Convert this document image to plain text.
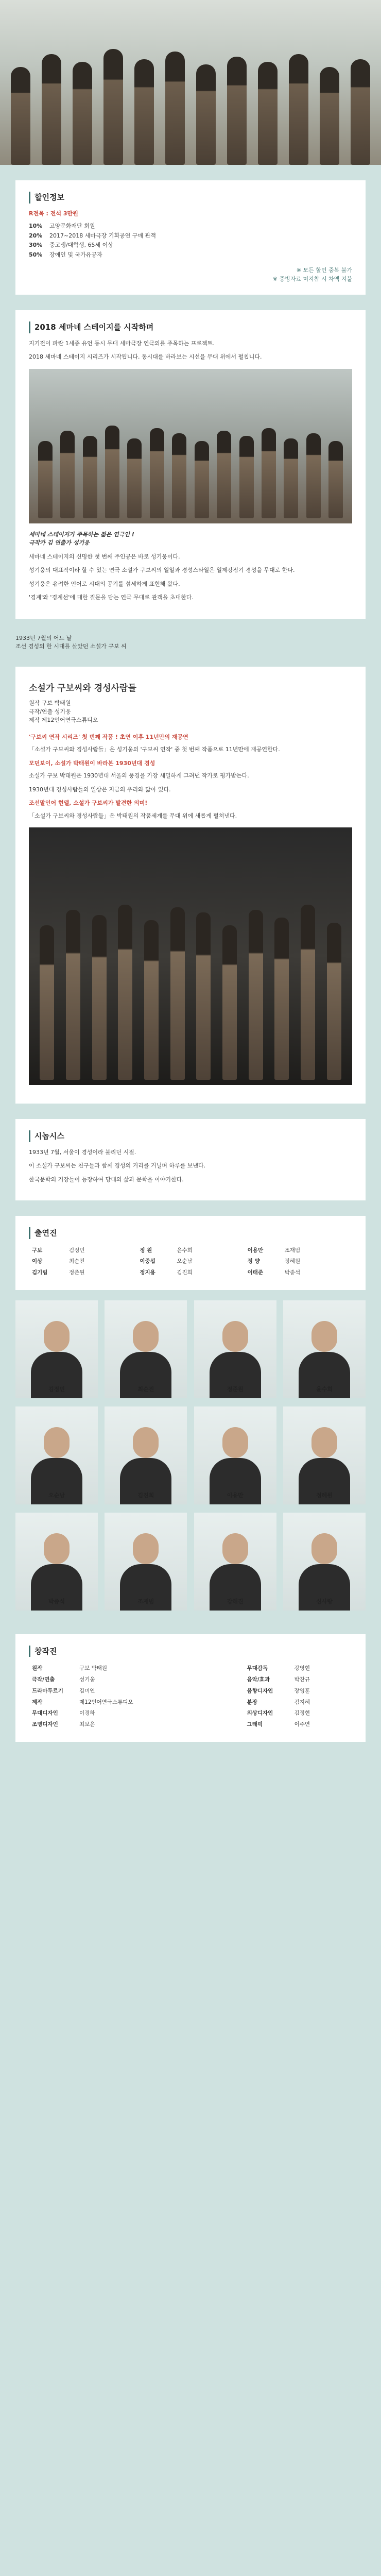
할인정보
R전목 : 전석 3만원
10%	고양문화재단 회원
20%	2017~2018 세마극장 기획공연 구매 관객
30%	중고생/대학생, 65세 이상
50%	장애인 및 국가유공자
※ 모든 할인 중복 불가
※ 증빙자료 미지참 시 차액 지불
2018 세마네 스테이지를 시작하며

지기전이 파란 1세종 유언 동시 무대 세마극장 연극의를 주목하는 프로젝트.

2018 세마네 스테이지 시리즈가 시작됩니다. 동시대를 바라보는 시선을 무대 위에서 펼칩니다.

세마네 스테이지가 주목하는 젊은 연극인 !
극작가 김 연출가 성기웅

세마네 스테이지의 신명한 첫 번째 주인공은 바로 성기웅이다.

성기웅의 대표작이라 할 수 있는 연극 소설가 구보씨의 일일과 경성스타일은 일제강점기 경성을 무대로 한다.

성기웅은 유려한 언어로 시대의 공기를 섬세하게 표현해 왔다.

'경계'와 '경계선'에 대한 질문을 담는 연극 무대로 관객을 초대한다.

1933년 7월의 어느 날
조선 경성의 한 시대를 살았던 소설가 구보 씨
소설가 구보씨와 경성사람들
원작 구보 박태원
극작/연출 성기웅
제작 제12언어연극스튜디오
'구보씨 연작 시리즈' 첫 번째 작품 ! 초연 이후 11년만의 재공연

「소설가 구보씨와 경성사람들」은 성기웅의 '구보씨 연작' 중 첫 번째 작품으로 11년만에 재공연한다.

모던보이, 소설가 박태원이 바라본 1930년대 경성

소설가 구보 박태원은 1930년대 서울의 풍경을 가장 세밀하게 그려낸 작가로 평가받는다.

1930년대 경성사람들의 일상은 지금의 우리와 닮아 있다.

조선말인어 현앨, 소설가 구보씨가 발견한 의미!

「소설가 구보씨와 경성사람들」은 박태원의 작품세계를 무대 위에 새롭게 펼쳐낸다.

시놉시스

1933년 7월, 서울이 경성이라 불리던 시절.

이 소설가 구보씨는 친구들과 함께 경성의 거리를 거닐며 하루를 보낸다.

한국문학의 거장들이 등장하여 당대의 삶과 문학을 이야기한다.

출연진
구보	김정민	정 원	윤수희	이용만	조재범
이상	최순진	이중섭	오순남	정 양	정혜원
김기림	정준원	정지용	김진희	이태준	박종석
김정민	최순진	정준원	윤수희
오순남	김진희	이용만	정혜원
박종석	조재범	강해진	신사랑
창작진
원작	구보 박태원	무대감독	강영현
극작/연출	성기웅	음악/효과	박찬규
드라마투르기	김미연	음향디자인	장영훈
제작	제12언어연극스튜디오	분장	김지혜
무대디자인	이경하	의상디자인	김정현
조명디자인	최보윤	그래픽	이주연
